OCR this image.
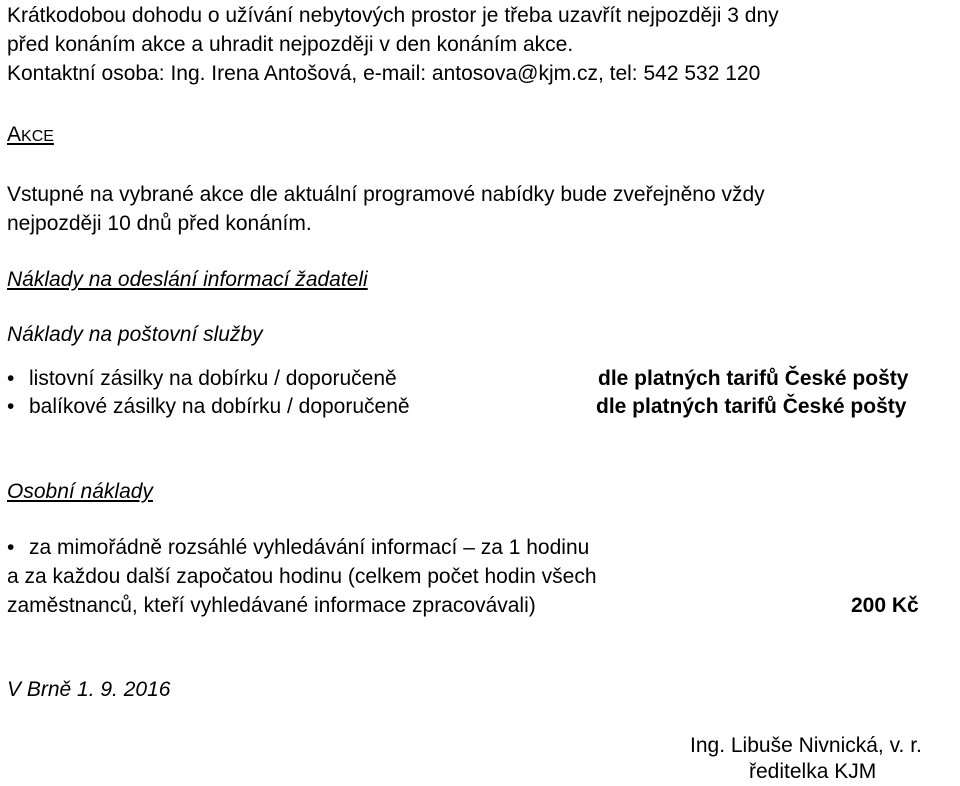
Krátkodobou dohodu o užívání nebytových prostor je třeba uzavřít nejpozději 3 dny
před konáním akce a uhradit nejpozději v den konáním akce.
Kontaktní osoba: Ing. Irena Antošová, e-mail: antosova@kjm.cz, tel: 542 532 120
AKCE
Vstupné na vybrané akce dle aktuální programové nabídky bude zveřejněno vždy
nejpozději 10 dnů před konáním.
Náklady na odeslání informací žadateli
Náklady na poštovní služby
• listovní zásilky na dobírku / doporučeně	dle platných tarifů České pošty
• balíkové zásilky na dobírku / doporučeně	dle platných tarifů České pošty
Osobní náklady
• za mimořádně rozsáhlé vyhledávání informací – za 1 hodinu
a za každou další započatou hodinu (celkem počet hodin všech
zaměstnanců, kteří vyhledávané informace zpracovávali)	200 Kč
V Brně 1. 9. 2016
Ing. Libuše Nivnická, v. r.
ředitelka KJM
